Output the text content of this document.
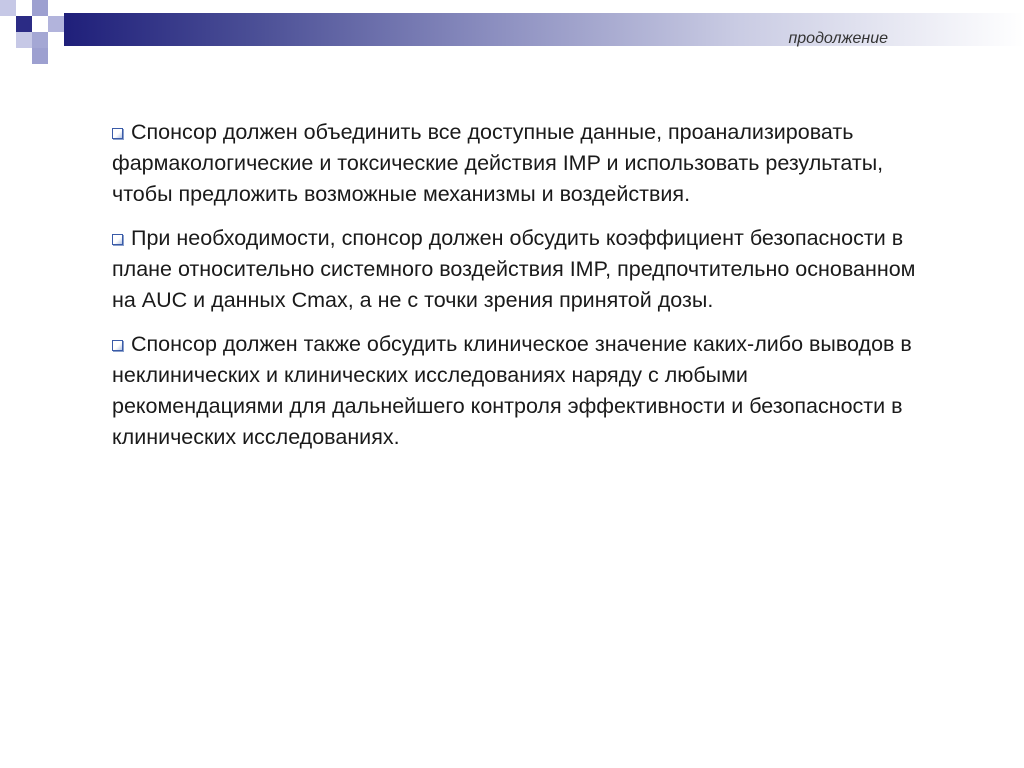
продолжение

Спонсор должен объединить все доступные данные, проанализировать фармакологические и токсические действия IMP и использовать результаты, чтобы предложить возможные механизмы и воздействия.

При необходимости, спонсор должен обсудить коэффициент безопасности в плане относительно системного воздействия IMP, предпочтительно основанном на AUC и данных Cmax, а не с точки зрения принятой дозы.

Спонсор должен также обсудить клиническое значение каких-либо выводов в неклинических и клинических исследованиях наряду с любыми рекомендациями для дальнейшего контроля эффективности и безопасности в клинических исследованиях.
